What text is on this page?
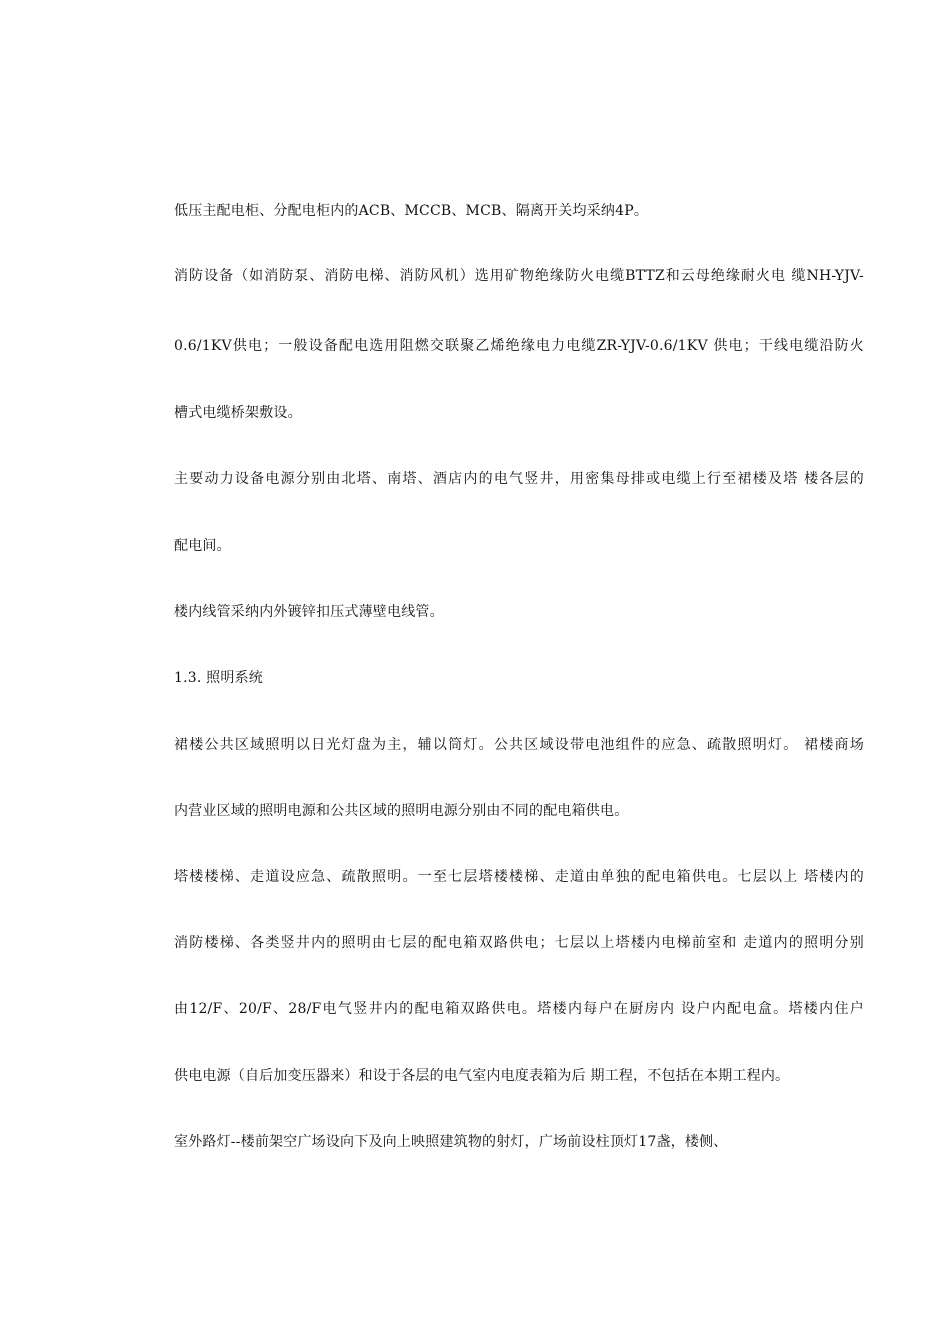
低压主配电柜、分配电柜内的ACB、MCCB、MCB、隔离开关均采纳4P。
消防设备（如消防泵、消防电梯、消防风机）选用矿物绝缘防火电缆BTTZ和云母绝缘耐火电 缆NH-YJV-
0.6/1KV供电；一般设备配电选用阻燃交联聚乙烯绝缘电力电缆ZR-YJV-0.6/1KV 供电；干线电缆沿防火
槽式电缆桥架敷设。
主要动力设备电源分别由北塔、南塔、酒店内的电气竖井，用密集母排或电缆上行至裙楼及塔 楼各层的
配电间。
楼内线管采纳内外镀锌扣压式薄壁电线管。
1.3. 照明系统
裙楼公共区域照明以日光灯盘为主，辅以筒灯。公共区域设带电池组件的应急、疏散照明灯。 裙楼商场
内营业区域的照明电源和公共区域的照明电源分别由不同的配电箱供电。
塔楼楼梯、走道设应急、疏散照明。一至七层塔楼楼梯、走道由单独的配电箱供电。七层以上 塔楼内的
消防楼梯、各类竖井内的照明由七层的配电箱双路供电；七层以上塔楼内电梯前室和 走道内的照明分别
由12/F、20/F、28/F电气竖井内的配电箱双路供电。塔楼内每户在厨房内 设户内配电盒。塔楼内住户
供电电源（自后加变压器来）和设于各层的电气室内电度表箱为后 期工程，不包括在本期工程内。
室外路灯--楼前架空广场设向下及向上映照建筑物的射灯，广场前设柱顶灯17盏，楼侧、
